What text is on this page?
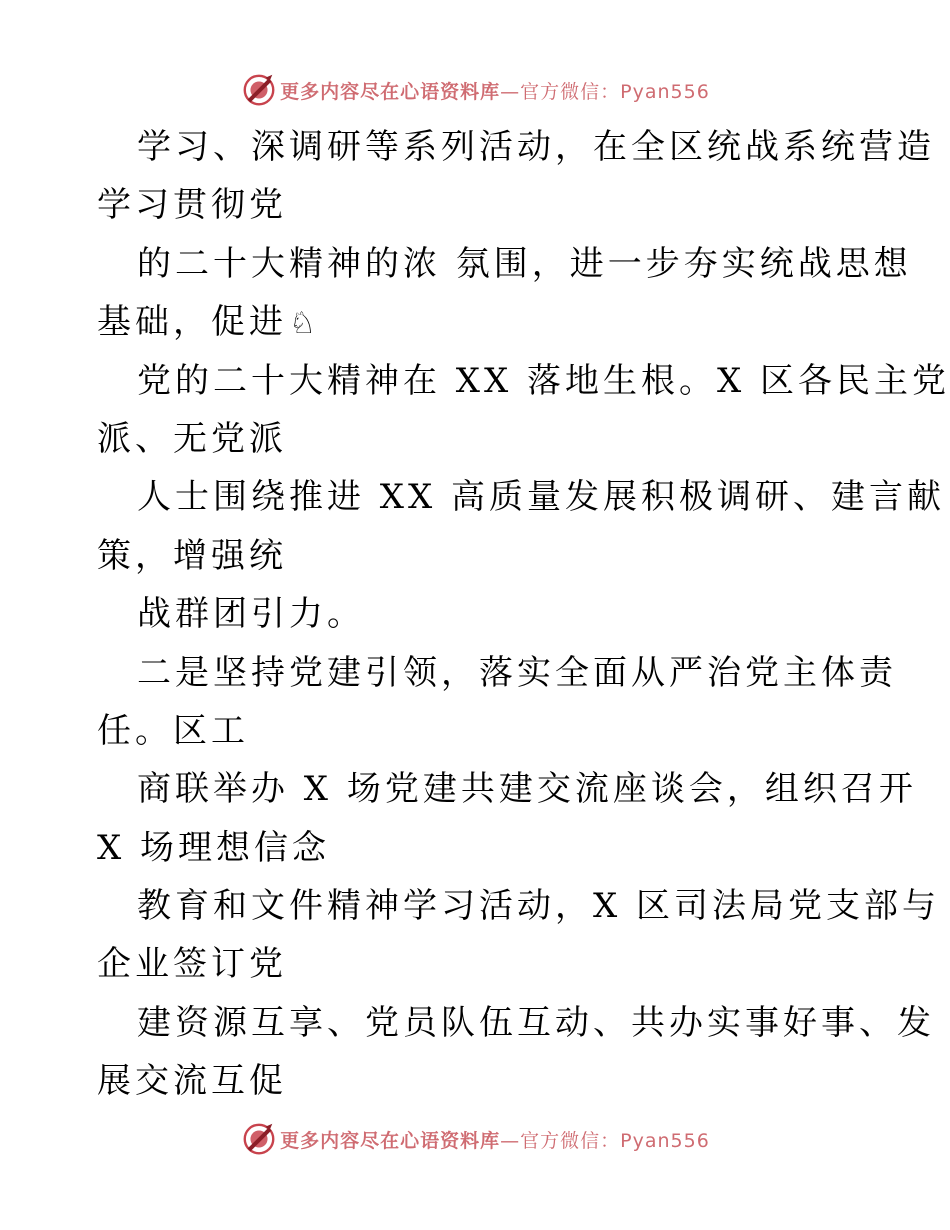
更多内容尽在心语资料库 —官方微信：Pyan556
学习、深调研等系列活动，在全区统战系统营造
学习贯彻党
的二十大精神的浓 氛围，进一步夯实统战思想
基础，促进♘
党的二十大精神在 XX 落地生根。X 区各民主党
派、无党派
人士围绕推进 XX 高质量发展积极调研、建言献
策，增强统
战群团引力。
二是坚持党建引领，落实全面从严治党主体责
任。区工
商联举办 X 场党建共建交流座谈会，组织召开
X 场理想信念
教育和文件精神学习活动，X 区司法局党支部与
企业签订党
建资源互享、党员队伍互动、共办实事好事、发
展交流互促
更多内容尽在心语资料库 —官方微信：Pyan556
